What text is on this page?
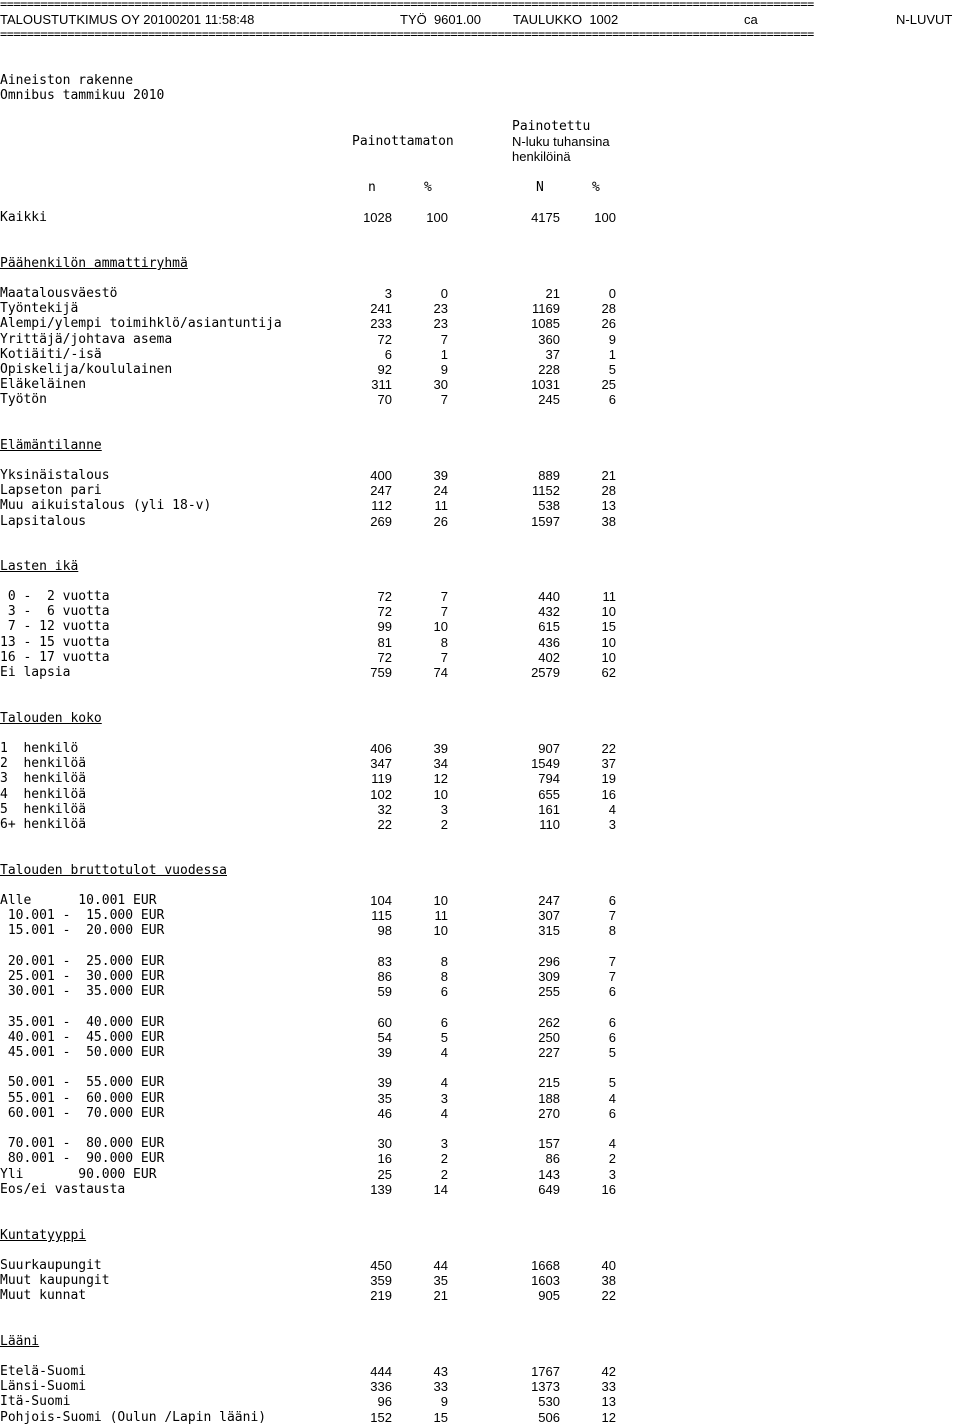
=========================================================================================================================

TALOUSTUTKIMUS OY 20100201 11:58:48

	TYÖ  9601.00

TAULUKKO  1002

	ca

	N-LUVUT

=========================================================================================================================
Aineiston rakenne
Omnibus tammikuu 2010
Painottamaton
Painotettu
N-luku tuhansina
henkilöinä
n	%	N	%
Kaikki	1028	100	4175	100
Päähenkilön ammattiryhmä
Maatalousväestö	3	0	21	0
Työntekijä	241	23	1169	28
Alempi/ylempi toimihklö/asiantuntija	233	23	1085	26
Yrittäjä/johtava asema	72	7	360	9
Kotiäiti/-isä	6	1	37	1
Opiskelija/koululainen	92	9	228	5
Eläkeläinen	311	30	1031	25
Työtön	70	7	245	6
Elämäntilanne
Yksinäistalous	400	39	889	21
Lapseton pari	247	24	1152	28
Muu aikuistalous (yli 18-v)	112	11	538	13
Lapsitalous	269	26	1597	38
Lasten ikä
0 -  2 vuotta	72	7	440	11
3 -  6 vuotta	72	7	432	10
7 - 12 vuotta	99	10	615	15
13 - 15 vuotta	81	8	436	10
16 - 17 vuotta	72	7	402	10
Ei lapsia	759	74	2579	62
Talouden koko
1  henkilö	406	39	907	22
2  henkilöä	347	34	1549	37
3  henkilöä	119	12	794	19
4  henkilöä	102	10	655	16
5  henkilöä	32	3	161	4
6+ henkilöä	22	2	110	3
Talouden bruttotulot vuodessa
Alle      10.001 EUR	104	10	247	6
10.001 -  15.000 EUR	115	11	307	7
15.001 -  20.000 EUR	98	10	315	8
20.001 -  25.000 EUR	83	8	296	7
25.001 -  30.000 EUR	86	8	309	7
30.001 -  35.000 EUR	59	6	255	6
35.001 -  40.000 EUR	60	6	262	6
40.001 -  45.000 EUR	54	5	250	6
45.001 -  50.000 EUR	39	4	227	5
50.001 -  55.000 EUR	39	4	215	5
55.001 -  60.000 EUR	35	3	188	4
60.001 -  70.000 EUR	46	4	270	6
70.001 -  80.000 EUR	30	3	157	4
80.001 -  90.000 EUR	16	2	86	2
Yli       90.000 EUR	25	2	143	3
Eos/ei vastausta	139	14	649	16
Kuntatyyppi
Suurkaupungit	450	44	1668	40
Muut kaupungit	359	35	1603	38
Muut kunnat	219	21	905	22
Lääni
Etelä-Suomi	444	43	1767	42
Länsi-Suomi	336	33	1373	33
Itä-Suomi	96	9	530	13
Pohjois-Suomi (Oulun /Lapin lääni)	152	15	506	12
